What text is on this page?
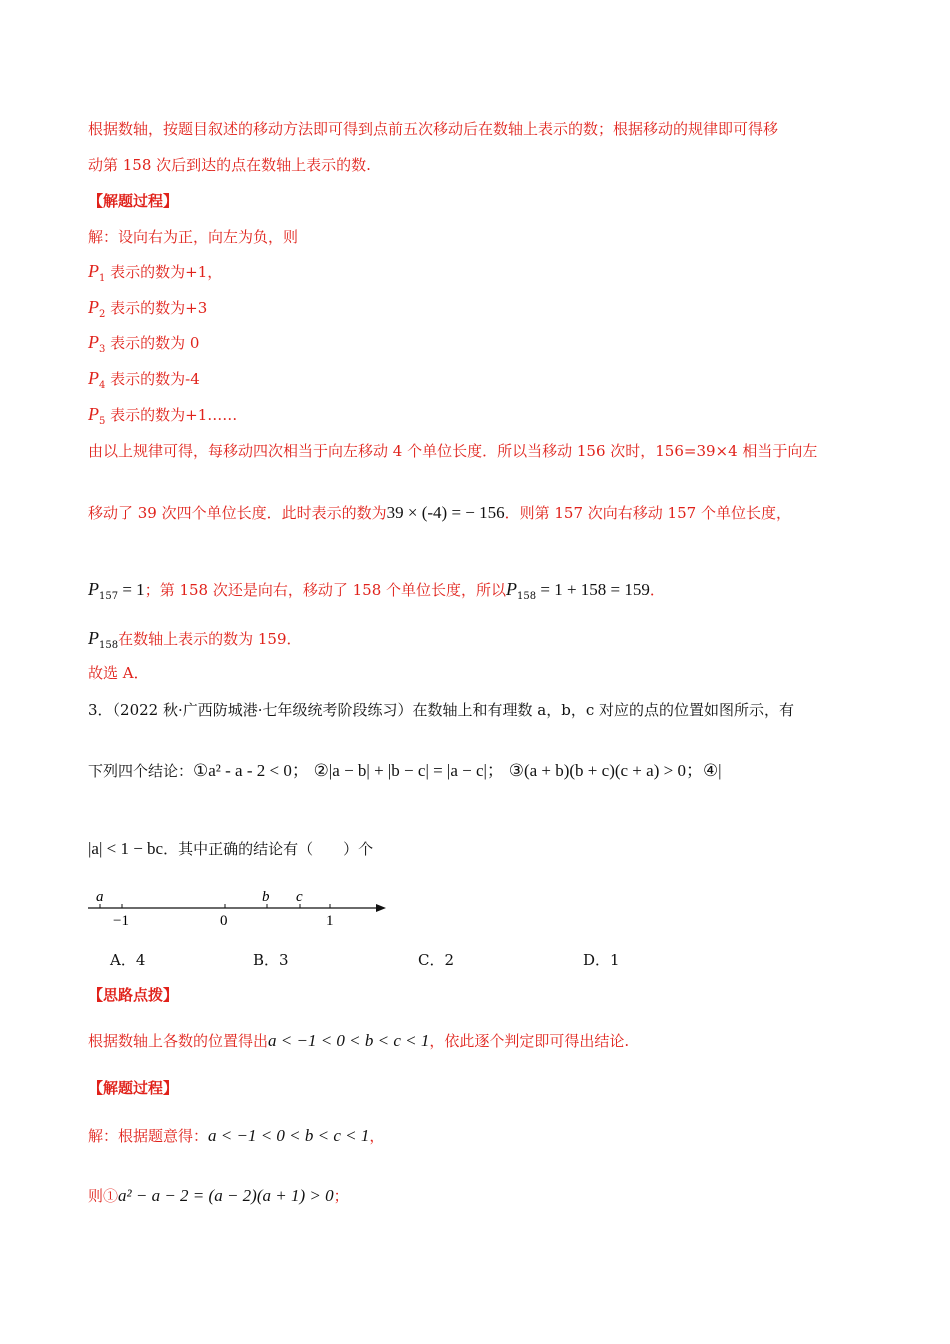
根据数轴，按题目叙述的移动方法即可得到点前五次移动后在数轴上表示的数；根据移动的规律即可得移
动第 158 次后到达的点在数轴上表示的数.
【解题过程】
解：设向右为正，向左为负，则
$P_1$ 表示的数为+1，
$P_2$ 表示的数为+3
$P_3$ 表示的数为 0
$P_4$ 表示的数为-4
$P_5$ 表示的数为+1……
由以上规律可得，每移动四次相当于向左移动 4 个单位长度．所以当移动 156 次时，156=39×4 相当于向左
移动了 39 次四个单位长度．此时表示的数为39 × (-4) = − 156．则第 157 次向右移动 157 个单位长度，
$P_{157} = 1$；第 158 次还是向右，移动了 158 个单位长度，所以$P_{158} = 1 + 158 = 159$．
$P_{158}$在数轴上表示的数为 159．
故选 A．
3．（2022 秋·广西防城港·七年级统考阶段练习）在数轴上和有理数 a，b，c 对应的点的位置如图所示，有
下列四个结论：①a² - a - 2 < 0； ②|a − b| + |b − c| = |a − c|； ③(a + b)(b + c)(c + a) > 0；④|
|a| < 1 − bc．其中正确的结论有（　　）个
a	b c
−1	0	1
A．4	B．3	C．2	D．1
【思路点拨】
根据数轴上各数的位置得出a < −1 < 0 < b < c < 1，依此逐个判定即可得出结论.
【解题过程】
解：根据题意得：a < −1 < 0 < b < c < 1，
则①a² − a − 2 = (a − 2)(a + 1) > 0；
